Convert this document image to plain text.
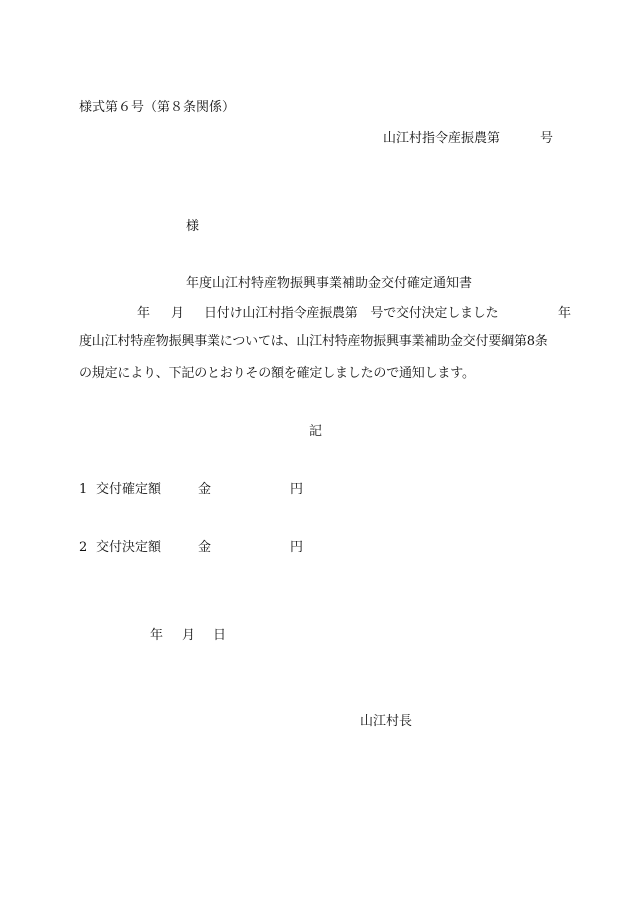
様式第６号（第８条関係）
山江村指令産振農第	号
様
年度山江村特産物振興事業補助金交付確定通知書
年 月 日付け山江村指令産振農第　号で交付決定しました	年
度山江村特産物振興事業については、山江村特産物振興事業補助金交付要綱第8条
の規定により、下記のとおりその額を確定しましたので通知します。
記
1 交付確定額	金	円
2 交付決定額	金	円
年 月 日
山江村長
